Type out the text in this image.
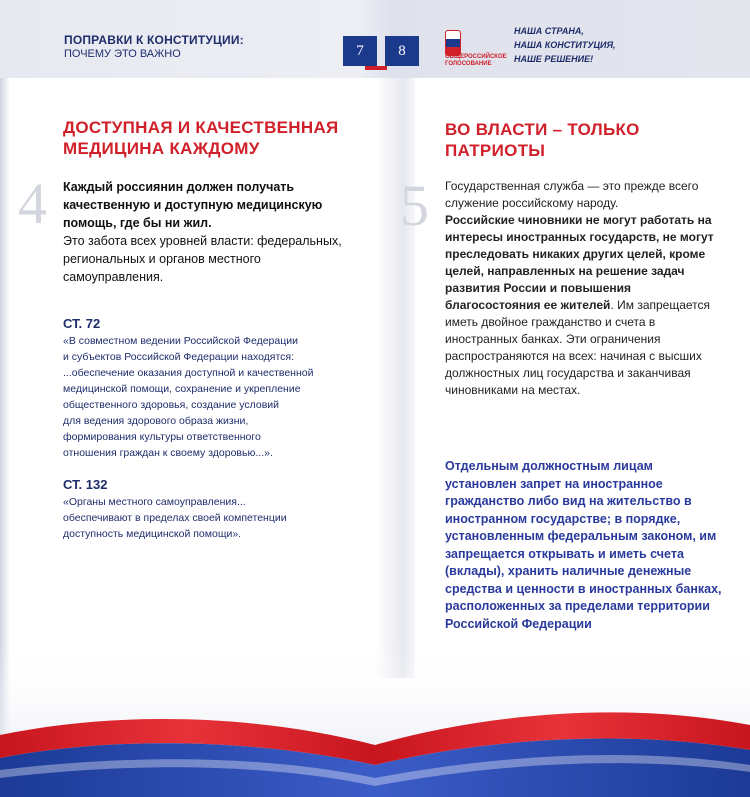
ПОПРАВКИ К КОНСТИТУЦИИ:
ПОЧЕМУ ЭТО ВАЖНО	7	8	ОБЩЕРОССИЙСКОЕ ГОЛОСОВАНИЕ
НАША СТРАНА,
НАША КОНСТИТУЦИЯ,
НАШЕ РЕШЕНИЕ!
4
ДОСТУПНАЯ И КАЧЕСТВЕННАЯ МЕДИЦИНА КАЖДОМУ
Каждый россиянин должен получать качественную и доступную медицинскую помощь, где бы ни жил.
Это забота всех уровней власти: федеральных, региональных и органов местного самоуправления.
СТ. 72
«В совместном ведении Российской Федерации
и субъектов Российской Федерации находятся:
...обеспечение оказания доступной и качественной
медицинской помощи, сохранение и укрепление
общественного здоровья, создание условий
для ведения здорового образа жизни,
формирования культуры ответственного
отношения граждан к своему здоровью...».
СТ. 132
«Органы местного самоуправления...
обеспечивают в пределах своей компетенции
доступность медицинской помощи».
5
ВО ВЛАСТИ – ТОЛЬКО ПАТРИОТЫ
Государственная служба — это прежде всего служение российскому народу.
Российские чиновники не могут работать на интересы иностранных государств, не могут преследовать никаких других целей, кроме целей, направленных на решение задач развития России и повышения благосостояния ее жителей. Им запрещается иметь двойное гражданство и счета в иностранных банках. Эти ограничения распространяются на всех: начиная с высших должностных лиц государства и заканчивая чиновниками на местах.
Отдельным должностным лицам установлен запрет на иностранное гражданство либо вид на жительство в иностранном государстве; в порядке, установленным федеральным законом, им запрещается открывать и иметь счета (вклады), хранить наличные денежные средства и ценности в иностранных банках, расположенных за пределами территории Российской Федерации
